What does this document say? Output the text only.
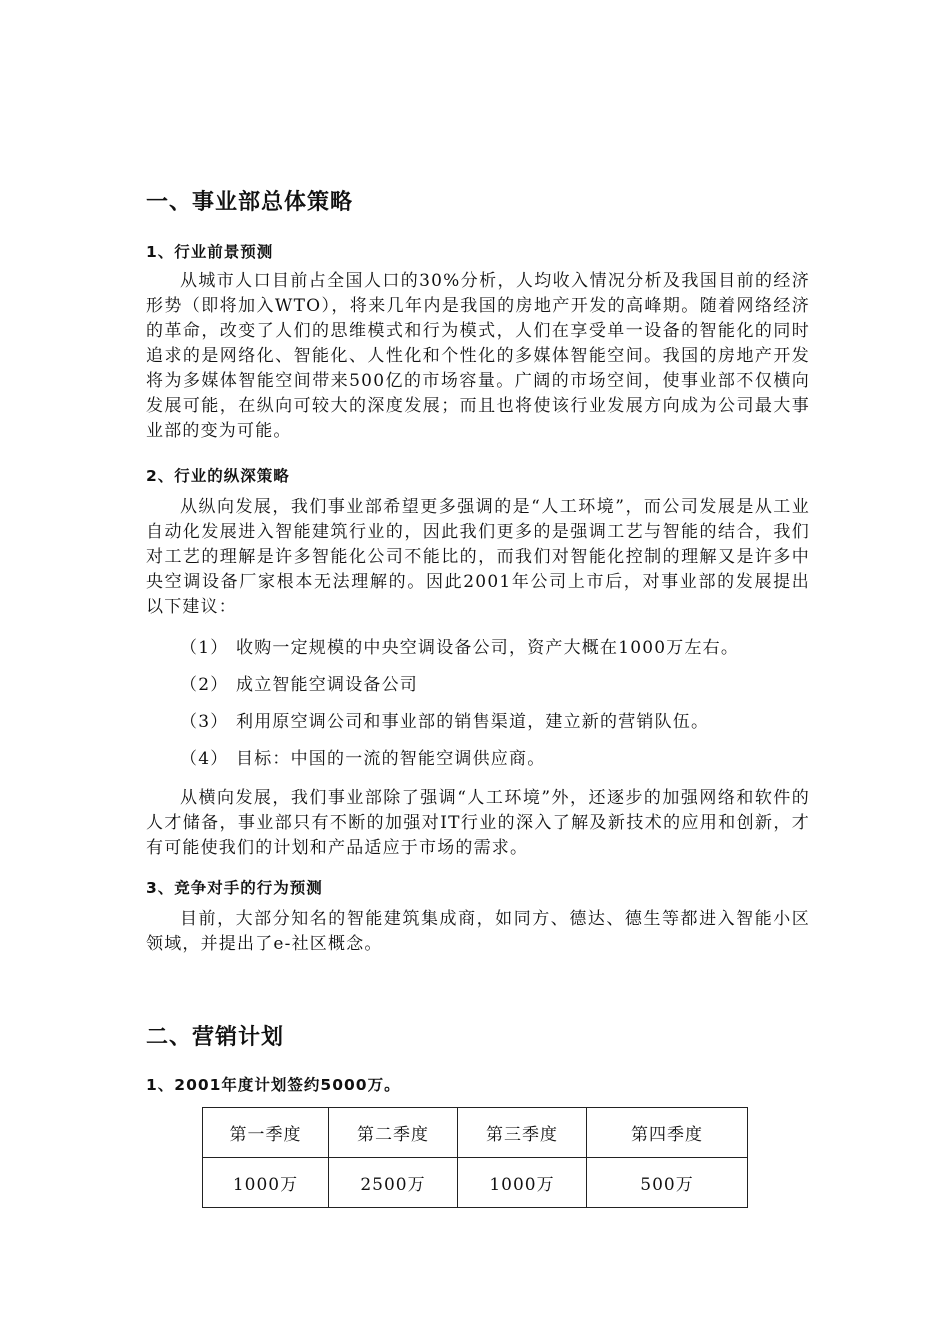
一、事业部总体策略
1、行业前景预测
从城市人口目前占全国人口的30%分析，人均收入情况分析及我国目前的经济形势（即将加入WTO），将来几年内是我国的房地产开发的高峰期。随着网络经济的革命，改变了人们的思维模式和行为模式，人们在享受单一设备的智能化的同时追求的是网络化、智能化、人性化和个性化的多媒体智能空间。我国的房地产开发将为多媒体智能空间带来500亿的市场容量。广阔的市场空间，使事业部不仅横向发展可能，在纵向可较大的深度发展；而且也将使该行业发展方向成为公司最大事业部的变为可能。
2、行业的纵深策略
从纵向发展，我们事业部希望更多强调的是“人工环境”，而公司发展是从工业自动化发展进入智能建筑行业的，因此我们更多的是强调工艺与智能的结合，我们对工艺的理解是许多智能化公司不能比的，而我们对智能化控制的理解又是许多中央空调设备厂家根本无法理解的。因此2001年公司上市后，对事业部的发展提出以下建议：
（1） 收购一定规模的中央空调设备公司，资产大概在1000万左右。
（2） 成立智能空调设备公司
（3） 利用原空调公司和事业部的销售渠道，建立新的营销队伍。
（4） 目标：中国的一流的智能空调供应商。
从横向发展，我们事业部除了强调“人工环境”外，还逐步的加强网络和软件的人才储备，事业部只有不断的加强对IT行业的深入了解及新技术的应用和创新，才有可能使我们的计划和产品适应于市场的需求。
3、竞争对手的行为预测
目前，大部分知名的智能建筑集成商，如同方、德达、德生等都进入智能小区领域，并提出了e-社区概念。
二、营销计划
1、2001年度计划签约5000万。
第一季度	第二季度	第三季度	第四季度
1000万	2500万	1000万	500万
